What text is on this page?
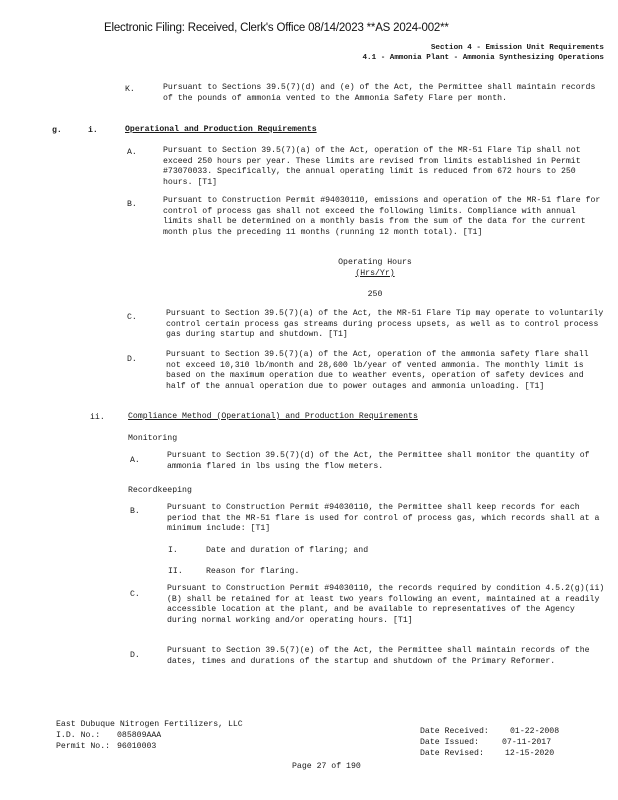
Electronic Filing: Received, Clerk's Office 08/14/2023 **AS 2024-002**
Section 4 - Emission Unit Requirements
4.1 - Ammonia Plant - Ammonia Synthesizing Operations
K.	Pursuant to Sections 39.5(7)(d) and (e) of the Act, the Permittee shall maintain records of the pounds of ammonia vented to the Ammonia Safety Flare per month.
g.	i.	Operational and Production Requirements
A.	Pursuant to Section 39.5(7)(a) of the Act, operation of the MR-51 Flare Tip shall not exceed 250 hours per year. These limits are revised from limits established in Permit #73070033. Specifically, the annual operating limit is reduced from 672 hours to 250 hours. [T1]
B.	Pursuant to Construction Permit #94030110, emissions and operation of the MR-51 flare for control of process gas shall not exceed the following limits. Compliance with annual limits shall be determined on a monthly basis from the sum of the data for the current month plus the preceding 11 months (running 12 month total). [T1]
Operating Hours
(Hrs/Yr)
250
C.	Pursuant to Section 39.5(7)(a) of the Act, the MR-51 Flare Tip may operate to voluntarily control certain process gas streams during process upsets, as well as to control process gas during startup and shutdown. [T1]
D.
Pursuant to Section 39.5(7)(a) of the Act, operation of the ammonia safety flare shall not exceed 10,310 lb/month and 28,600 lb/year of vented ammonia. The monthly limit is based on the maximum operation due to weather events, operation of safety devices and half of the annual operation due to power outages and ammonia unloading. [T1]
ii.	Compliance Method (Operational) and Production Requirements
Monitoring
A.
Pursuant to Section 39.5(7)(d) of the Act, the Permittee shall monitor the quantity of ammonia flared in lbs using the flow meters.
Recordkeeping
B.	Pursuant to Construction Permit #94030110, the Permittee shall keep records for each period that the MR-51 flare is used for control of process gas, which records shall at a minimum include: [T1]
I.	Date and duration of flaring; and
II.	Reason for flaring.
C.
Pursuant to Construction Permit #94030110, the records required by condition 4.5.2(g)(ii)(B) shall be retained for at least two years following an event, maintained at a readily accessible location at the plant, and be available to representatives of the Agency during normal working and/or operating hours. [T1]
D.
Pursuant to Section 39.5(7)(e) of the Act, the Permittee shall maintain records of the dates, times and durations of the startup and shutdown of the Primary Reformer.
East Dubuque Nitrogen Fertilizers, LLC
I.D. No.: 085809AAA
Permit No.: 96010003
Date Received:	01-22-2008
Date Issued:	07-11-2017
Date Revised:	12-15-2020
Page 27 of 190
